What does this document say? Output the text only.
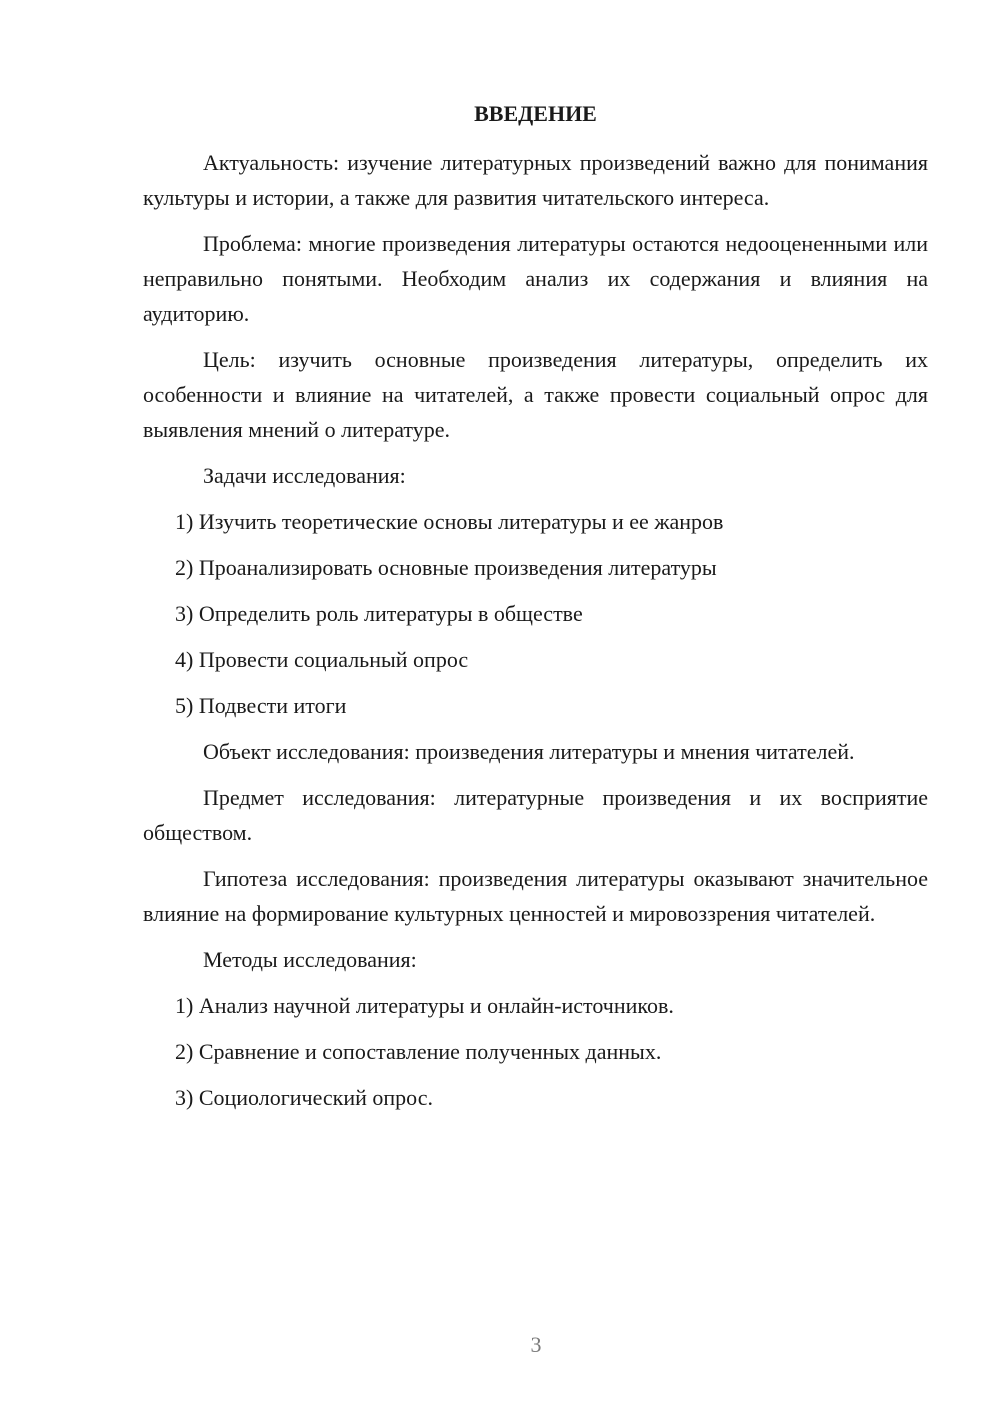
ВВЕДЕНИЕ

Актуальность: изучение литературных произведений важно для понимания культуры и истории, а также для развития читательского интереса.

Проблема: многие произведения литературы остаются недооцененными или неправильно понятыми. Необходим анализ их содержания и влияния на аудиторию.

Цель: изучить основные произведения литературы, определить их особенности и влияние на читателей, а также провести социальный опрос для выявления мнений о литературе.

Задачи исследования:

1) Изучить теоретические основы литературы и ее жанров

2) Проанализировать основные произведения литературы

3) Определить роль литературы в обществе

4) Провести социальный опрос

5) Подвести итоги

Объект исследования: произведения литературы и мнения читателей.

Предмет исследования: литературные произведения и их восприятие обществом.

Гипотеза исследования: произведения литературы оказывают значительное влияние на формирование культурных ценностей и мировоззрения читателей.

Методы исследования:

1) Анализ научной литературы и онлайн-источников.

2) Сравнение и сопоставление полученных данных.

3) Социологический опрос.

3
